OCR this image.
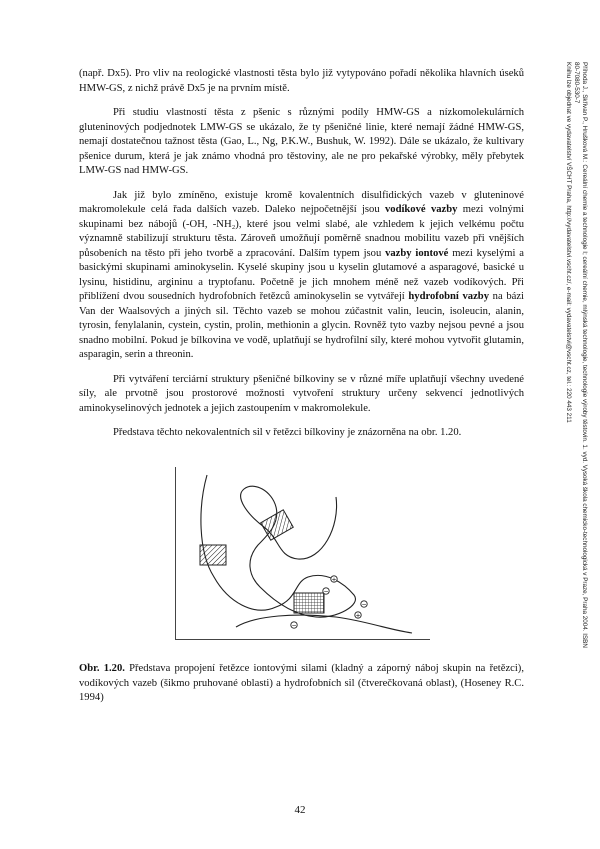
Příhoda J., Skřivan P., Hrušková M.: Cereální chemie a technologie I; cereální chemie, mlýnská technologie, technologie výroby těstovin. 1. vyd. Vysoká škola chemicko-technologická v Praze, Praha 2004. ISBN
80-7080-530-7
Knihu lze objednat ve vydavatelství VŠCHT Praha, http://vydavatelstvi.vscht.cz/, e-mail: vydavatelstvi@vscht.cz, tel.: 220 443 211

(např. Dx5). Pro vliv na reologické vlastnosti těsta bylo již vytypováno pořadí několika hlavních úseků HMW-GS, z nichž právě Dx5 je na prvním místě.

Při studiu vlastností těsta z pšenic s různými podíly HMW-GS a nízkomolekulárních gluteninových podjednotek LMW-GS se ukázalo, že ty pšeničné linie, které nemají žádné HMW-GS, nemají dostatečnou tažnost těsta (Gao, L., Ng, P.K.W., Bushuk, W. 1992). Dále se ukázalo, že kultivary pšenice durum, která je jak známo vhodná pro těstoviny, ale ne pro pekařské výrobky, měly přebytek LMW-GS nad HMW-GS.

Jak již bylo zmíněno, existuje kromě kovalentních disulfidických vazeb v gluteninové makromolekule celá řada dalších vazeb. Daleko nejpočetnější jsou vodíkové vazby mezi volnými skupinami bez nábojů (-OH, -NH₂), které jsou velmi slabé, ale vzhledem k jejich velkému počtu významně stabilizují strukturu těsta. Zároveň umožňují poměrně snadnou mobilitu vazeb při vnějších působeních na těsto při jeho tvorbě a zpracování. Dalším typem jsou vazby iontové mezi kyselými a basickými skupinami aminokyselin. Kyselé skupiny jsou u kyselin glutamové a asparagové, basické u lysinu, histidinu, argininu a tryptofanu. Početně je jich mnohem méně než vazeb vodíkových. Při přiblížení dvou sousedních hydrofobních řetězců aminokyselin se vytvářejí hydrofobní vazby na bázi Van der Waalsových a jiných sil. Těchto vazeb se mohou zúčastnit valin, leucin, isoleucin, alanin, tyrosin, fenylalanin, cystein, cystin, prolin, methionin a glycin. Rovněž tyto vazby nejsou pevné a jsou snadno mobilní. Pokud je bílkovina ve vodě, uplatňují se hydrofilní síly, které mohou vytvořit glutamin, asparagin, serin a threonin.

Při vytváření terciární struktury pšeničné bílkoviny se v různé míře uplatňují všechny uvedené síly, ale prvotně jsou prostorové možnosti vytvoření struktury určeny sekvencí jednotlivých aminokyselinových jednotek a jejich zastoupením v makromolekule.

Představa těchto nekovalentních sil v řetězci bílkoviny je znázorněna na obr. 1.20.

+
−
+
−
−
Obr. 1.20. Představa propojení řetězce iontovými silami (kladný a záporný náboj skupin na řetězci), vodíkových vazeb (šikmo pruhované oblasti) a hydrofobních sil (čtverečkovaná oblast), (Hoseney R.C. 1994)
42
